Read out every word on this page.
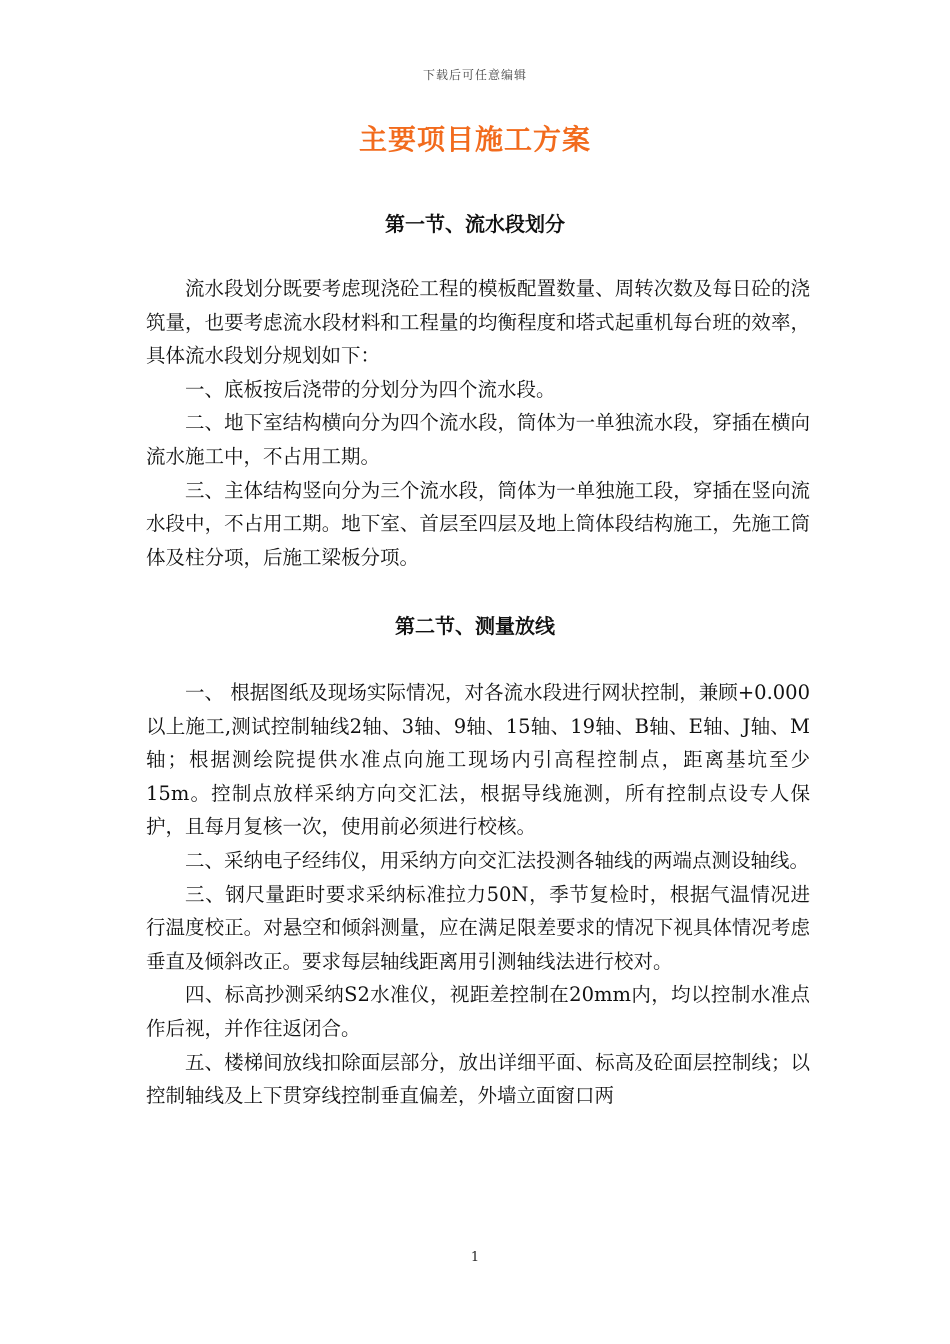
下载后可任意编辑
主要项目施工方案
第一节、流水段划分

流水段划分既要考虑现浇砼工程的模板配置数量、周转次数及每日砼的浇筑量，也要考虑流水段材料和工程量的均衡程度和塔式起重机每台班的效率，具体流水段划分规划如下：

一、底板按后浇带的分划分为四个流水段。

二、地下室结构横向分为四个流水段，筒体为一单独流水段，穿插在横向流水施工中，不占用工期。

三、主体结构竖向分为三个流水段，筒体为一单独施工段，穿插在竖向流水段中，不占用工期。地下室、首层至四层及地上筒体段结构施工，先施工筒体及柱分项，后施工梁板分项。

第二节、测量放线

一、 根据图纸及现场实际情况，对各流水段进行网状控制，兼顾+0.000以上施工,测试控制轴线2轴、3轴、9轴、15轴、19轴、B轴、E轴、J轴、M轴；根据测绘院提供水准点向施工现场内引高程控制点，距离基坑至少15m。控制点放样采纳方向交汇法，根据导线施测，所有控制点设专人保护，且每月复核一次，使用前必须进行校核。

二、采纳电子经纬仪，用采纳方向交汇法投测各轴线的两端点测设轴线。

三、钢尺量距时要求采纳标准拉力50N，季节复检时，根据气温情况进行温度校正。对悬空和倾斜测量，应在满足限差要求的情况下视具体情况考虑垂直及倾斜改正。要求每层轴线距离用引测轴线法进行校对。

四、标高抄测采纳S2水准仪，视距差控制在20mm内，均以控制水准点作后视，并作往返闭合。

五、楼梯间放线扣除面层部分，放出详细平面、标高及砼面层控制线；以控制轴线及上下贯穿线控制垂直偏差，外墙立面窗口两

1
